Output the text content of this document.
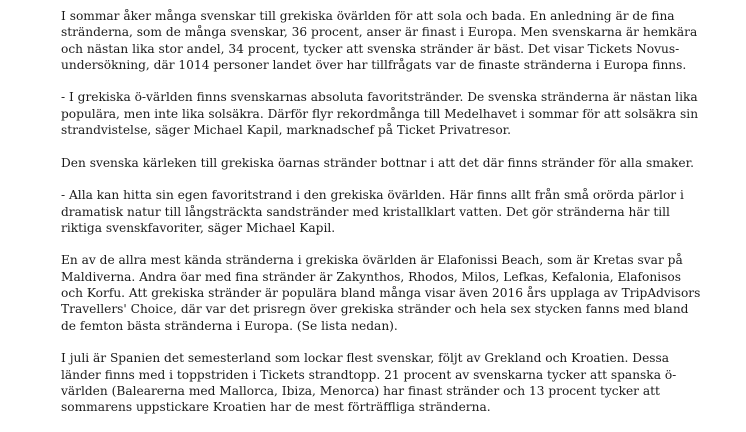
I sommar åker många svenskar till grekiska övärlden för att sola och bada. En anledning är de fina stränderna, som de många svenskar, 36 procent, anser är finast i Europa. Men svenskarna är hemkära och nästan lika stor andel, 34 procent, tycker att svenska stränder är bäst. Det visar Tickets Novus-undersökning, där 1014 personer landet över har tillfrågats var de finaste stränderna i Europa finns.

- I grekiska ö-världen finns svenskarnas absoluta favoritstränder. De svenska stränderna är nästan lika populära, men inte lika solsäkra. Därför flyr rekordmånga till Medelhavet i sommar för att solsäkra sin strandvistelse, säger Michael Kapil, marknadschef på Ticket Privatresor.

Den svenska kärleken till grekiska öarnas stränder bottnar i att det där finns stränder för alla smaker.

- Alla kan hitta sin egen favoritstrand i den grekiska övärlden. Här finns allt från små orörda pärlor i dramatisk natur till långsträckta sandstränder med kristallklart vatten. Det gör stränderna här till riktiga svenskfavoriter, säger Michael Kapil.

En av de allra mest kända stränderna i grekiska övärlden är Elafonissi Beach, som är Kretas svar på Maldiverna. Andra öar med fina stränder är Zakynthos, Rhodos, Milos, Lefkas, Kefalonia, Elafonisos och Korfu. Att grekiska stränder är populära bland många visar även 2016 års upplaga av TripAdvisors Travellers' Choice, där var det prisregn över grekiska stränder och hela sex stycken fanns med bland de femton bästa stränderna i Europa. (Se lista nedan).

I juli är Spanien det semesterland som lockar flest svenskar, följt av Grekland och Kroatien. Dessa länder finns med i toppstriden i Tickets strandtopp. 21 procent av svenskarna tycker att spanska ö-världen (Balearerna med Mallorca, Ibiza, Menorca) har finast stränder och 13 procent tycker att sommarens uppstickare Kroatien har de mest förträffliga stränderna.
